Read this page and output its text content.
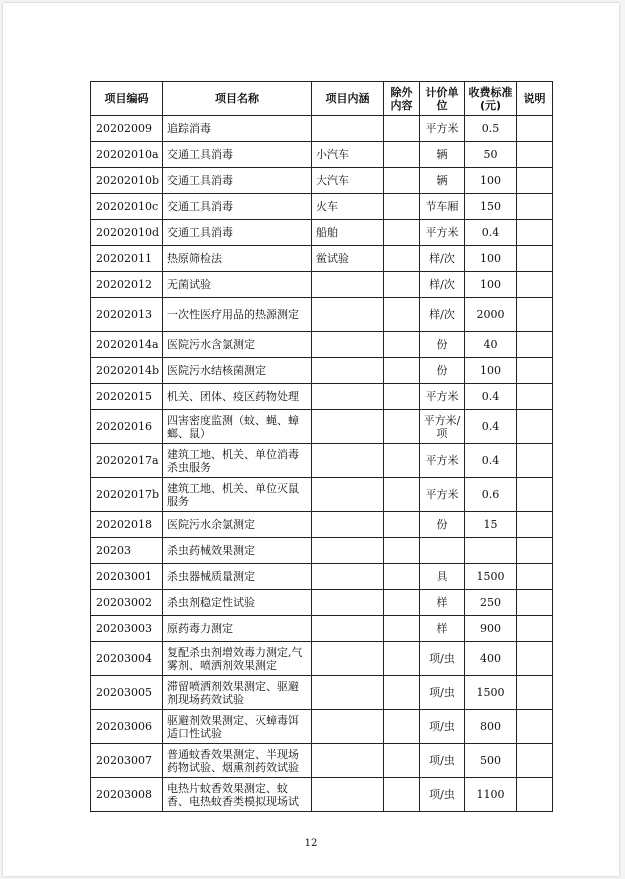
项目编码	项目名称	项目内涵	除外内容	计价单位	收费标准(元)	说明
20202009	追踪消毒			平方米	0.5	
20202010a	交通工具消毒	小汽车		辆	50	
20202010b	交通工具消毒	大汽车		辆	100	
20202010c	交通工具消毒	火车		节车厢	150	
20202010d	交通工具消毒	船舶		平方米	0.4	
20202011	热原筛检法	鲎试验		样/次	100	
20202012	无菌试验			样/次	100	
20202013	一次性医疗用品的热源测定			样/次	2000	
20202014a	医院污水含氯测定			份	40	
20202014b	医院污水结核菌测定			份	100	
20202015	机关、团体、疫区药物处理			平方米	0.4	
20202016	四害密度监测（蚊、蝇、蟑螂、鼠）			平方米/项	0.4	
20202017a	建筑工地、机关、单位消毒杀虫服务			平方米	0.4	
20202017b	建筑工地、机关、单位灭鼠服务			平方米	0.6	
20202018	医院污水余氯测定			份	15	
20203	杀虫药械效果测定					
20203001	杀虫器械质量测定			具	1500	
20203002	杀虫剂稳定性试验			样	250	
20203003	原药毒力测定			样	900	
20203004	复配杀虫剂增效毒力测定,气雾剂、喷洒剂效果测定			项/虫	400	
20203005	滞留喷洒剂效果测定、驱避剂现场药效试验			项/虫	1500	
20203006	驱避剂效果测定、灭蟑毒饵适口性试验			项/虫	800	
20203007	普通蚊香效果测定、半现场药物试验、烟熏剂药效试验			项/虫	500	
20203008	电热片蚊香效果测定、蚊香、电热蚊香类模拟现场试			项/虫	1100	
12
